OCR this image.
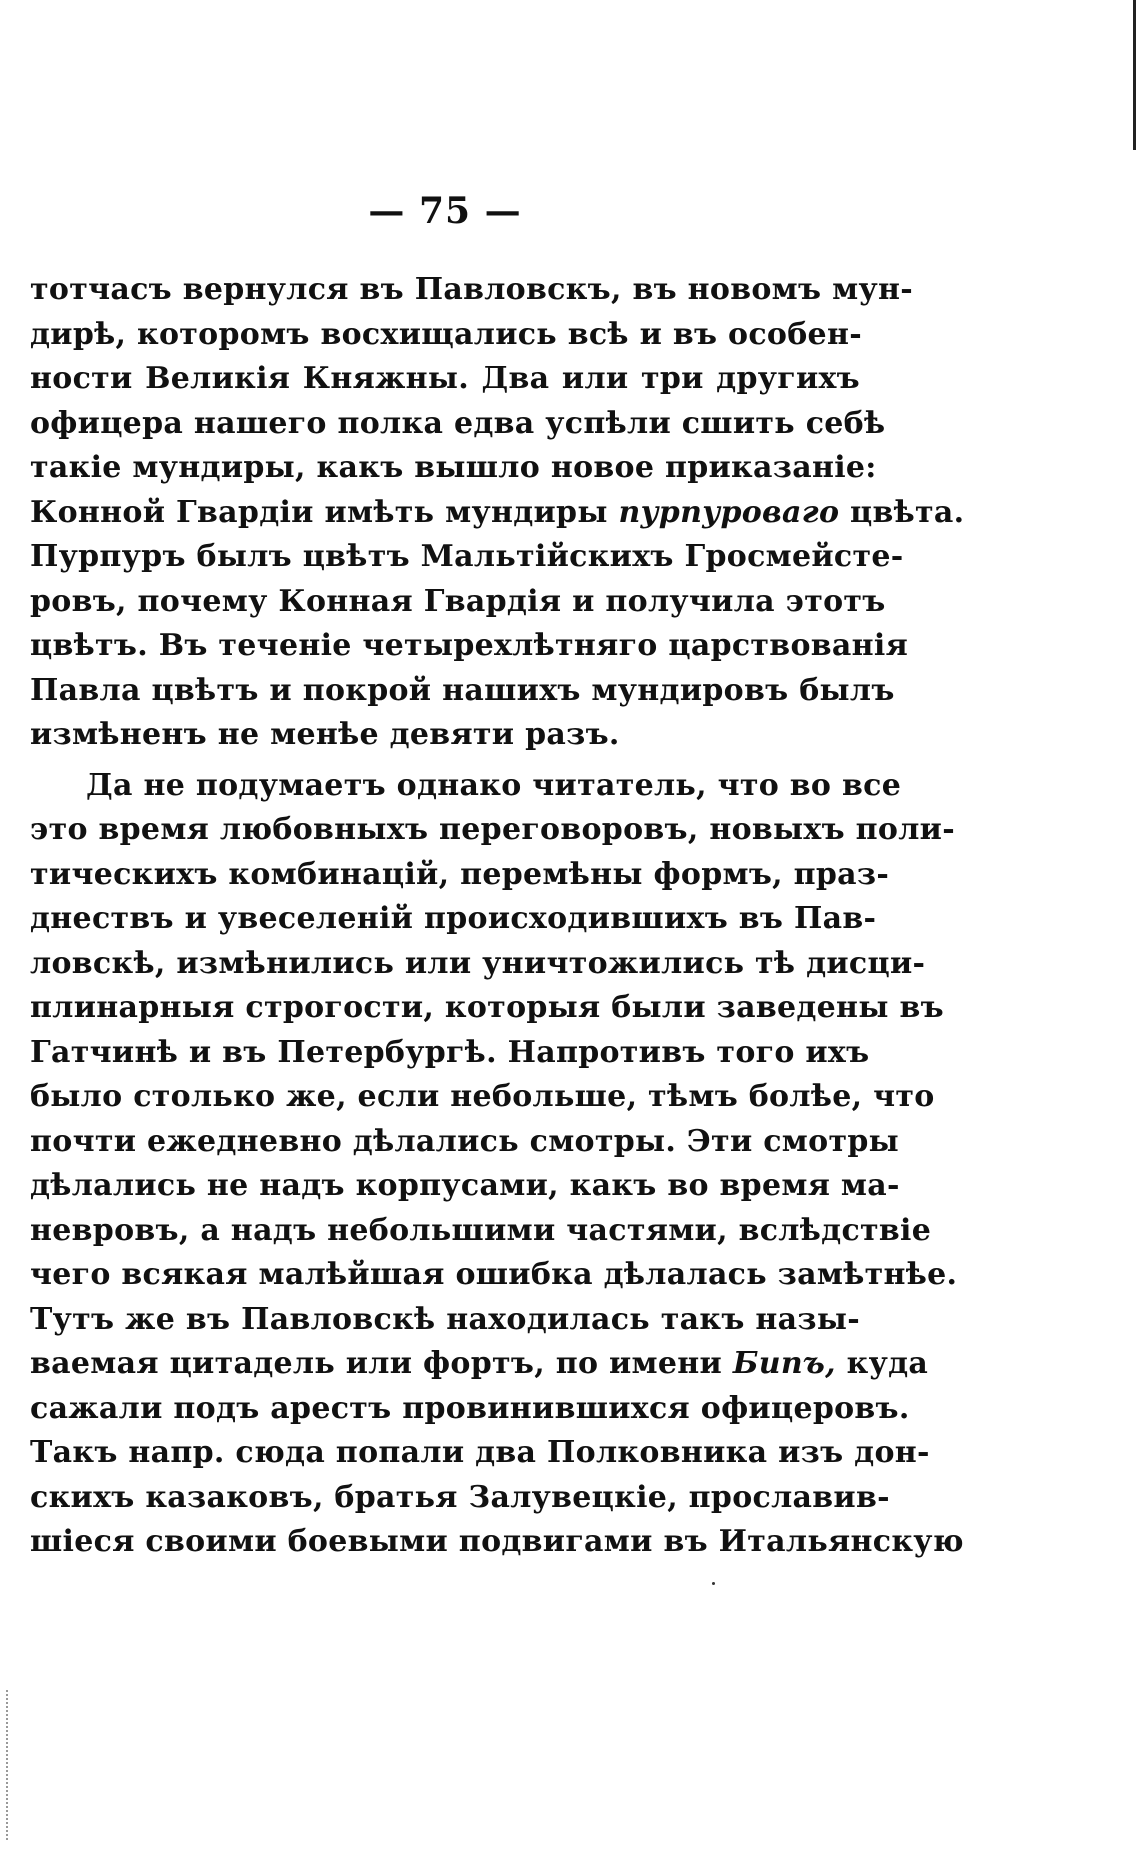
— 75 —
тотчасъ вернулся въ Павловскъ, въ новомъ мун-
дирѣ, которомъ восхищались всѣ и въ особен-
ности Великія Княжны. Два или три другихъ
офицера нашего полка едва успѣли сшить себѣ
такіе мундиры, какъ вышло новое приказаніе:
Конной Гвардіи имѣть мундиры пурпуроваго цвѣта.
Пурпуръ былъ цвѣтъ Мальтійскихъ Гросмейсте-
ровъ, почему Конная Гвардія и получила этотъ
цвѣтъ. Въ теченіе четырехлѣтняго царствованія
Павла цвѣтъ и покрой нашихъ мундировъ былъ
измѣненъ не менѣе девяти разъ.
Да не подумаетъ однако читатель, что во все
это время любовныхъ переговоровъ, новыхъ поли-
тическихъ комбинацій, перемѣны формъ, праз-
днествъ и увеселеній происходившихъ въ Пав-
ловскѣ, измѣнились или уничтожились тѣ дисци-
плинарныя строгости, которыя были заведены въ
Гатчинѣ и въ Петербургѣ. Напротивъ того ихъ
было столько же, если небольше, тѣмъ болѣе, что
почти ежедневно дѣлались смотры. Эти смотры
дѣлались не надъ корпусами, какъ во время ма-
невровъ, а надъ небольшими частями, вслѣдствіе
чего всякая малѣйшая ошибка дѣлалась замѣтнѣе.
Тутъ же въ Павловскѣ находилась такъ назы-
ваемая цитадель или фортъ, по имени Бипъ, куда
сажали подъ арестъ провинившихся офицеровъ.
Такъ напр. сюда попали два Полковника изъ дон-
скихъ казаковъ, братья Залувецкіе, прославив-
шіеся своими боевыми подвигами въ Итальянскую
